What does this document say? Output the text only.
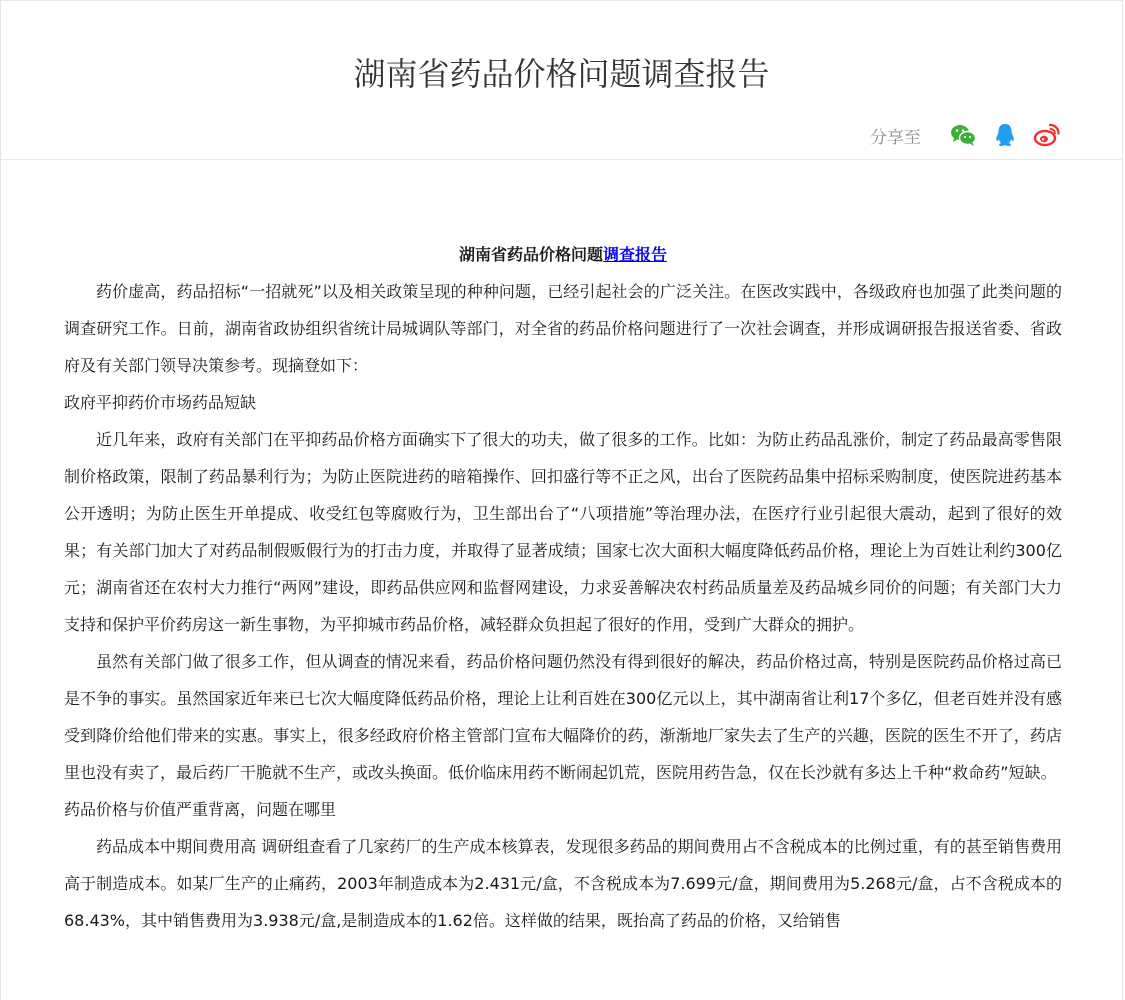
湖南省药品价格问题调查报告
分享至

湖南省药品价格问题调查报告

药价虚高，药品招标“一招就死”以及相关政策呈现的种种问题，已经引起社会的广泛关注。在医改实践中，各级政府也加强了此类问题的调查研究工作。日前，湖南省政协组织省统计局城调队等部门，对全省的药品价格问题进行了一次社会调查，并形成调研报告报送省委、省政府及有关部门领导决策参考。现摘登如下：

政府平抑药价市场药品短缺

近几年来，政府有关部门在平抑药品价格方面确实下了很大的功夫，做了很多的工作。比如：为防止药品乱涨价，制定了药品最高零售限制价格政策，限制了药品暴利行为；为防止医院进药的暗箱操作、回扣盛行等不正之风，出台了医院药品集中招标采购制度，使医院进药基本公开透明；为防止医生开单提成、收受红包等腐败行为，卫生部出台了“八项措施”等治理办法，在医疗行业引起很大震动，起到了很好的效果；有关部门加大了对药品制假贩假行为的打击力度，并取得了显著成绩；国家七次大面积大幅度降低药品价格，理论上为百姓让利约300亿元；湖南省还在农村大力推行“两网”建设，即药品供应网和监督网建设，力求妥善解决农村药品质量差及药品城乡同价的问题；有关部门大力支持和保护平价药房这一新生事物，为平抑城市药品价格，减轻群众负担起了很好的作用，受到广大群众的拥护。

虽然有关部门做了很多工作，但从调查的情况来看，药品价格问题仍然没有得到很好的解决，药品价格过高，特别是医院药品价格过高已是不争的事实。虽然国家近年来已七次大幅度降低药品价格，理论上让利百姓在300亿元以上，其中湖南省让利17个多亿，但老百姓并没有感受到降价给他们带来的实惠。事实上，很多经政府价格主管部门宣布大幅降价的药，渐渐地厂家失去了生产的兴趣，医院的医生不开了，药店里也没有卖了，最后药厂干脆就不生产，或改头换面。低价临床用药不断闹起饥荒，医院用药告急，仅在长沙就有多达上千种“救命药”短缺。

药品价格与价值严重背离，问题在哪里

药品成本中期间费用高 调研组查看了几家药厂的生产成本核算表，发现很多药品的期间费用占不含税成本的比例过重，有的甚至销售费用高于制造成本。如某厂生产的止痛药，2003年制造成本为2.431元/盒，不含税成本为7.699元/盒，期间费用为5.268元/盒，占不含税成本的68.43%，其中销售费用为3.938元/盒,是制造成本的1.62倍。这样做的结果，既抬高了药品的价格，又给销售
